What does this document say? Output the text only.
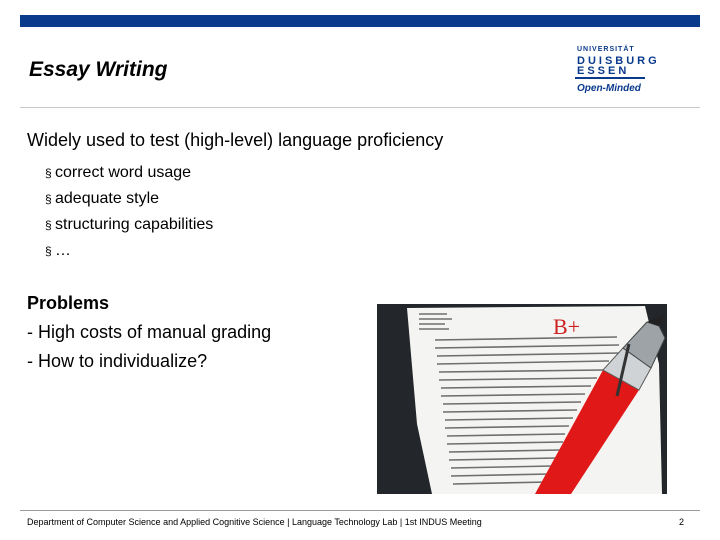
Essay Writing
UNIVERSITÄT
DUISBURG
ESSEN
Open-Minded
Widely used to test (high-level) language proficiency
§ correct word usage
§ adequate style
§ structuring capabilities
§ …
Problems
- High costs of manual grading
- How to individualize?
B+
Department of Computer Science and Applied Cognitive Science | Language Technology Lab | 1st INDUS Meeting	2
